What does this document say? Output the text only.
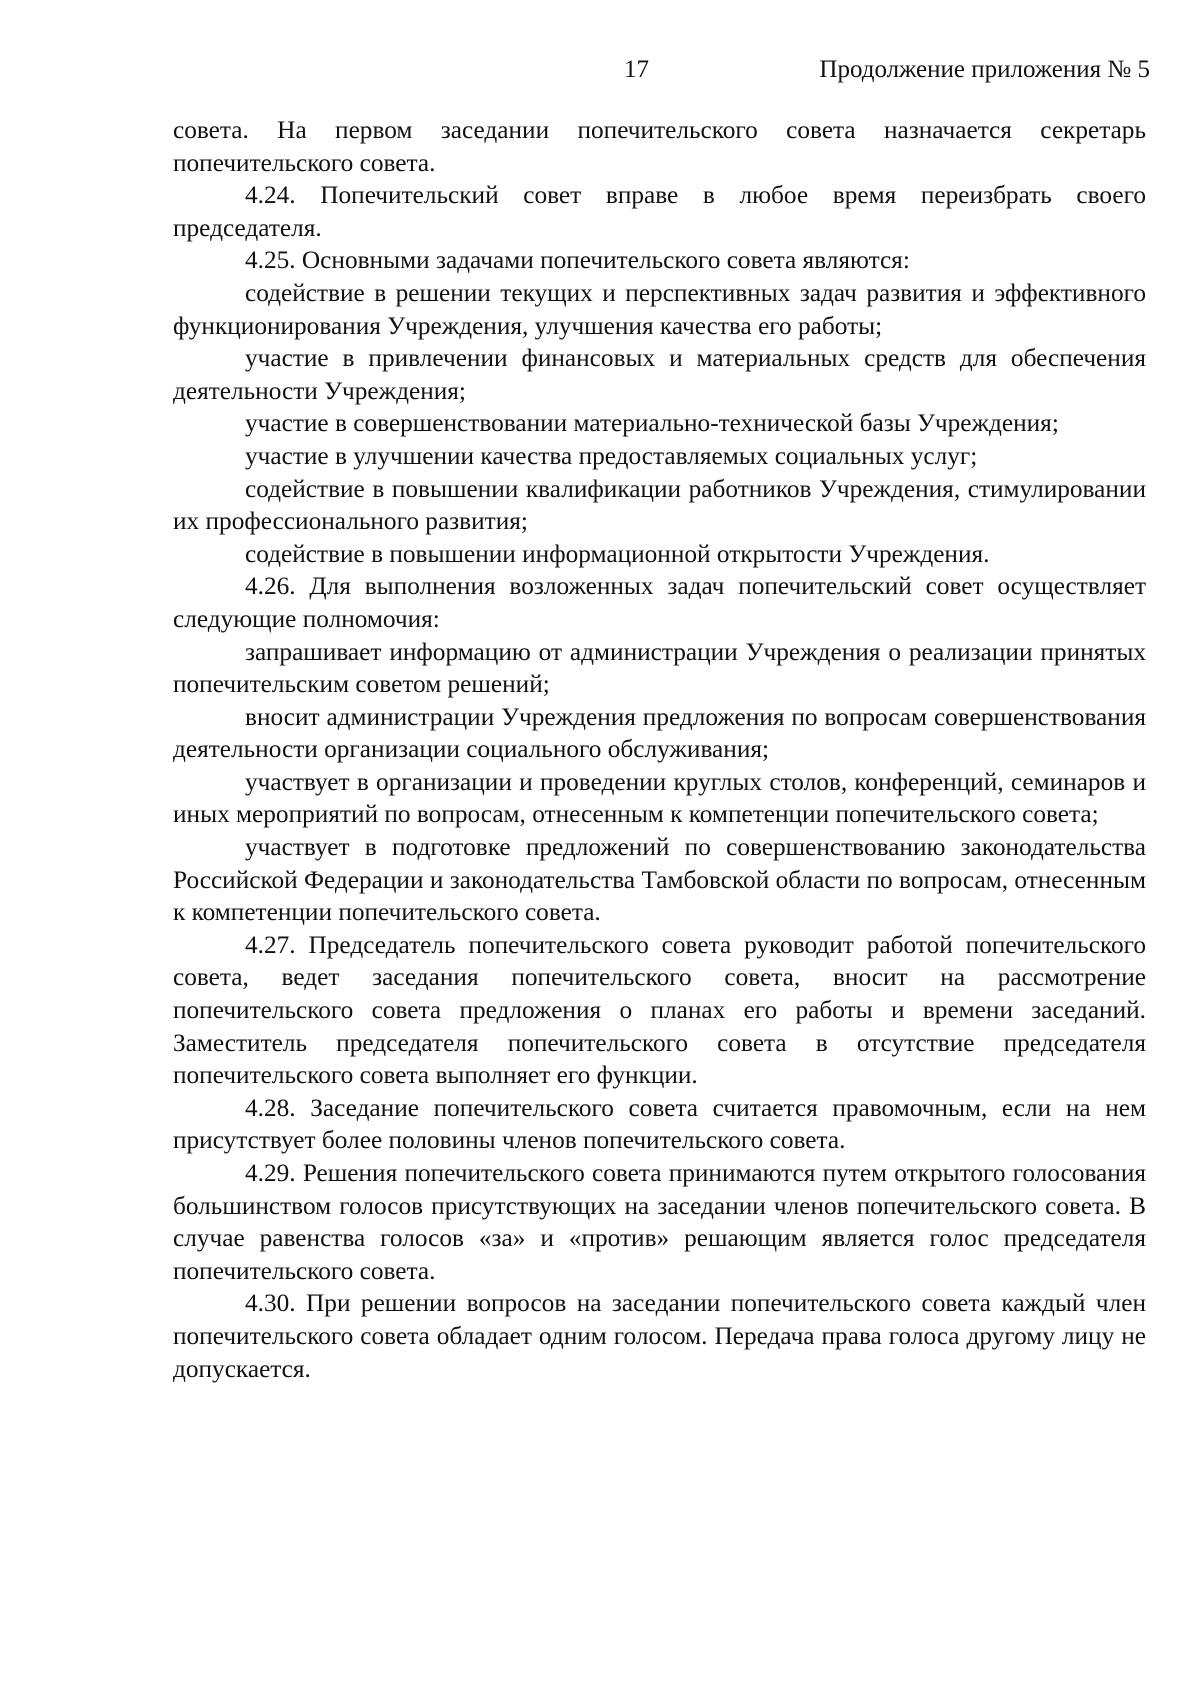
17	Продолжение приложения № 5

совета. На первом заседании попечительского совета назначается секретарь попечительского совета.

4.24. Попечительский совет вправе в любое время переизбрать своего председателя.

4.25. Основными задачами попечительского совета являются:

содействие в решении текущих и перспективных задач развития и эффективного функционирования Учреждения, улучшения качества его работы;

участие в привлечении финансовых и материальных средств для обеспечения деятельности Учреждения;

участие в совершенствовании материально-технической базы Учреждения;

участие в улучшении качества предоставляемых социальных услуг;

содействие в повышении квалификации работников Учреждения, стимулировании их профессионального развития;

содействие в повышении информационной открытости Учреждения.

4.26. Для выполнения возложенных задач попечительский совет осуществляет следующие полномочия:

запрашивает информацию от администрации Учреждения о реализации принятых попечительским советом решений;

вносит администрации Учреждения предложения по вопросам совершенствования деятельности организации социального обслуживания;

участвует в организации и проведении круглых столов, конференций, семинаров и иных мероприятий по вопросам, отнесенным к компетенции попечительского совета;

участвует в подготовке предложений по совершенствованию законодательства Российской Федерации и законодательства Тамбовской области по вопросам, отнесенным к компетенции попечительского совета.

4.27. Председатель попечительского совета руководит работой попечительского совета, ведет заседания попечительского совета, вносит на рассмотрение попечительского совета предложения о планах его работы и времени заседаний. Заместитель председателя попечительского совета в отсутствие председателя попечительского совета выполняет его функции.

4.28. Заседание попечительского совета считается правомочным, если на нем присутствует более половины членов попечительского совета.

4.29. Решения попечительского совета принимаются путем открытого голосования большинством голосов присутствующих на заседании членов попечительского совета. В случае равенства голосов «за» и «против» решающим является голос председателя попечительского совета.

4.30. При решении вопросов на заседании попечительского совета каждый член попечительского совета обладает одним голосом. Передача права голоса другому лицу не допускается.
